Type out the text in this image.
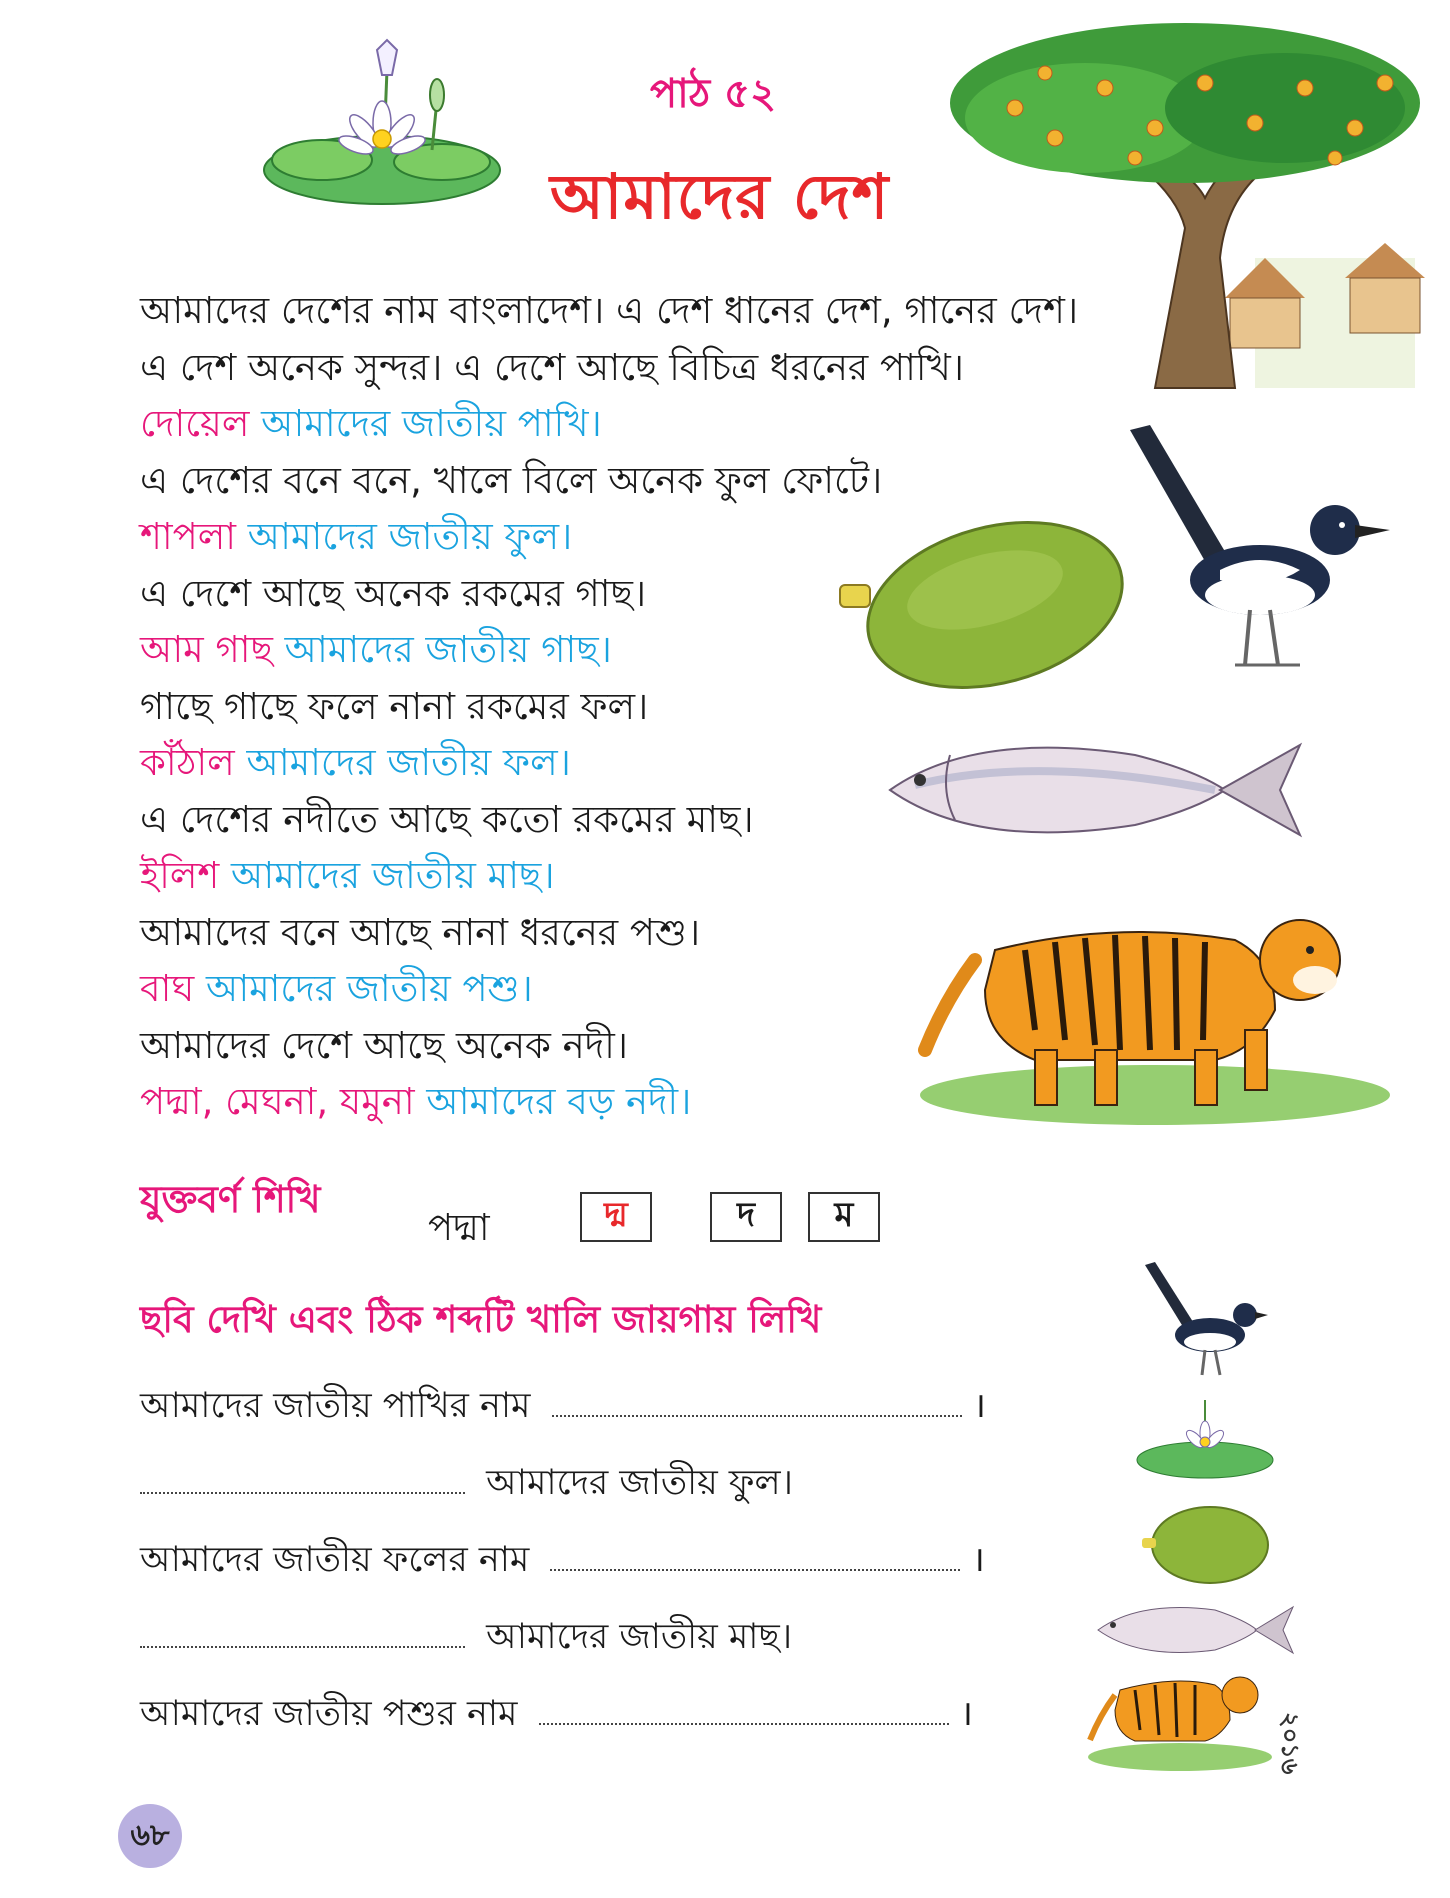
পাঠ ৫২
আমাদের দেশ
আমাদের দেশের নাম বাংলাদেশ। এ দেশ ধানের দেশ, গানের দেশ।
এ দেশ অনেক সুন্দর। এ দেশে আছে বিচিত্র ধরনের পাখি।
দোয়েল আমাদের জাতীয় পাখি।
এ দেশের বনে বনে, খালে বিলে অনেক ফুল ফোটে।
শাপলা আমাদের জাতীয় ফুল।
এ দেশে আছে অনেক রকমের গাছ।
আম গাছ আমাদের জাতীয় গাছ।
গাছে গাছে ফলে নানা রকমের ফল।
কাঁঠাল আমাদের জাতীয় ফল।
এ দেশের নদীতে আছে কতো রকমের মাছ।
ইলিশ আমাদের জাতীয় মাছ।
আমাদের বনে আছে নানা ধরনের পশু।
বাঘ আমাদের জাতীয় পশু।
আমাদের দেশে আছে অনেক নদী।
পদ্মা, মেঘনা, যমুনা আমাদের বড় নদী।
যুক্তবর্ণ শিখি
পদ্মা	দ্ম	দ	ম
ছবি দেখি এবং ঠিক শব্দটি খালি জায়গায় লিখি
আমাদের জাতীয় পাখির নাম	।
আমাদের জাতীয় ফুল।
আমাদের জাতীয় ফলের নাম	।
আমাদের জাতীয় মাছ।
আমাদের জাতীয় পশুর নাম	।	২০১৬
৬৮
